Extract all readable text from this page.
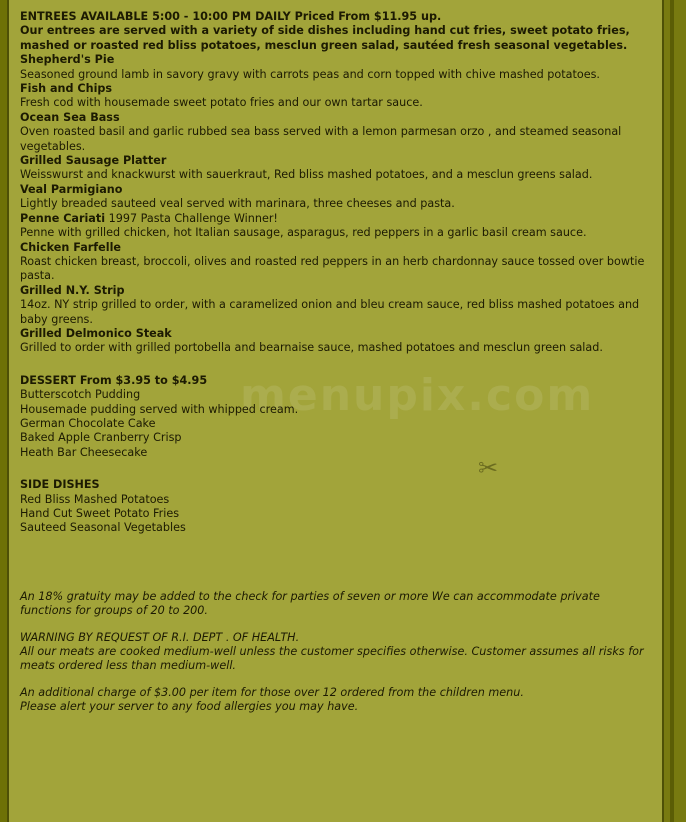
✂
ENTREES AVAILABLE 5:00 - 10:00 PM DAILY Priced From $11.95 up.
Our entrees are served with a variety of side dishes including hand cut fries, sweet potato fries, mashed or roasted red bliss potatoes, mesclun green salad, sautéed fresh seasonal vegetables.
Shepherd's Pie
Seasoned ground lamb in savory gravy with carrots peas and corn topped with chive mashed potatoes.
Fish and Chips
Fresh cod with housemade sweet potato fries and our own tartar sauce.
Ocean Sea Bass
Oven roasted basil and garlic rubbed sea bass served with a lemon parmesan orzo , and steamed seasonal vegetables.
Grilled Sausage Platter
Weisswurst and knackwurst with sauerkraut, Red bliss mashed potatoes, and a mesclun greens salad.
Veal Parmigiano
Lightly breaded sauteed veal served with marinara, three cheeses and pasta.
Penne Cariati 1997 Pasta Challenge Winner!
Penne with grilled chicken, hot Italian sausage, asparagus, red peppers in a garlic basil cream sauce.
Chicken Farfelle
Roast chicken breast, broccoli, olives and roasted red peppers in an herb chardonnay sauce tossed over bowtie pasta.
Grilled N.Y. Strip
14oz. NY strip grilled to order, with a caramelized onion and bleu cream sauce, red bliss mashed potatoes and baby greens.
Grilled Delmonico Steak
Grilled to order with grilled portobella and bearnaise sauce, mashed potatoes and mesclun green salad.
DESSERT From $3.95 to $4.95
Butterscotch Pudding
Housemade pudding served with whipped cream.
German Chocolate Cake
Baked Apple Cranberry Crisp
Heath Bar Cheesecake
SIDE DISHES
Red Bliss Mashed Potatoes
Hand Cut Sweet Potato Fries
Sauteed Seasonal Vegetables
An 18% gratuity may be added to the check for parties of seven or more We can accommodate private functions for groups of 20 to 200.
WARNING BY REQUEST OF R.I. DEPT . OF HEALTH.
All our meats are cooked medium-well unless the customer specifies otherwise. Customer assumes all risks for meats ordered less than medium-well.
An additional charge of $3.00 per item for those over 12 ordered from the children menu.
Please alert your server to any food allergies you may have.
